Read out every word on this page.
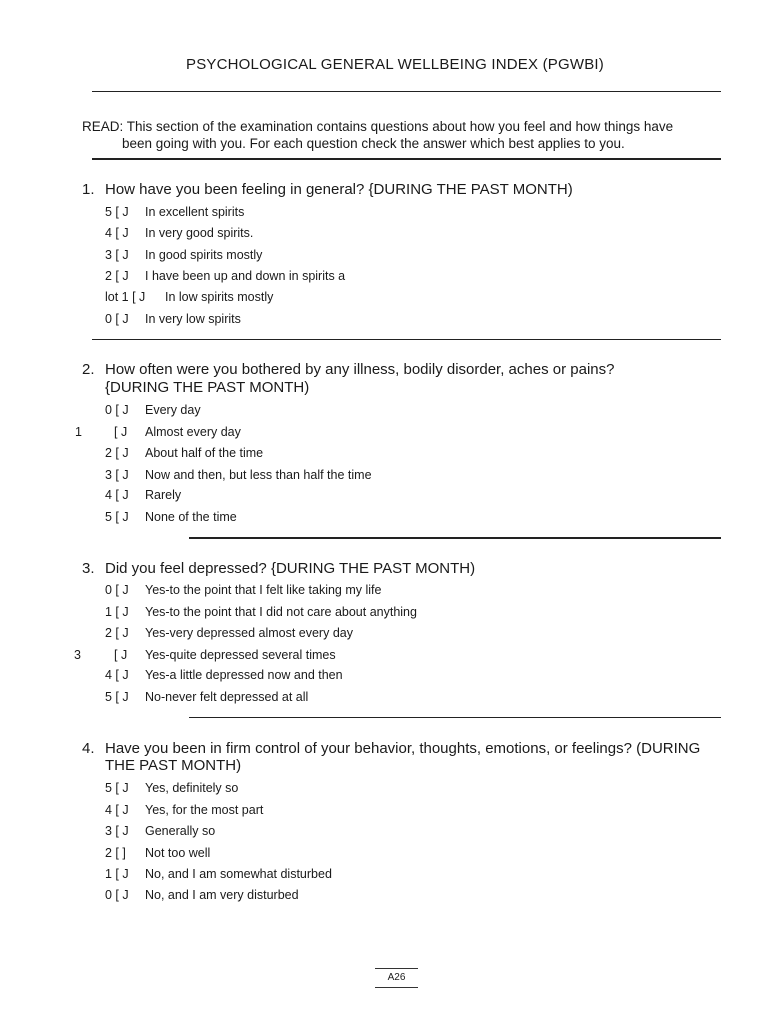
PSYCHOLOGICAL GENERAL WELLBEING INDEX (PGWBI)
READ: This section of the examination contains questions about how you feel and how things have
been going with you. For each question check the answer which best applies to you.
1. How have you been feeling in general? {DURING THE PAST MONTH)
5 [ J In excellent spirits
4 [ J In very good spirits.
3 [ J In good spirits mostly
2 [ J I have been up and down in spirits a
lot 1 [ J In low spirits mostly
0 [ J In very low spirits
2. How often were you bothered by any illness, bodily disorder, aches or pains?
{DURING THE PAST MONTH)
0 [ J Every day
1	[ J Almost every day
2 [ J About half of the time
3 [ J Now and then, but less than half the time
4 [ J Rarely
5 [ J None of the time
3. Did you feel depressed? {DURING THE PAST MONTH)
0 [ J Yes-to the point that I felt like taking my life
1 [ J Yes-to the point that I did not care about anything
2 [ J Yes-very depressed almost every day
3	[ J Yes-quite depressed several times
4 [ J Yes-a little depressed now and then
5 [ J No-never felt depressed at all
4. Have you been in firm control of your behavior, thoughts, emotions, or feelings? (DURING
THE PAST MONTH)
5 [ J Yes, definitely so
4 [ J Yes, for the most part
3 [ J Generally so
2 [ ] Not too well
1 [ J No, and I am somewhat disturbed
0 [ J No, and I am very disturbed
A26
